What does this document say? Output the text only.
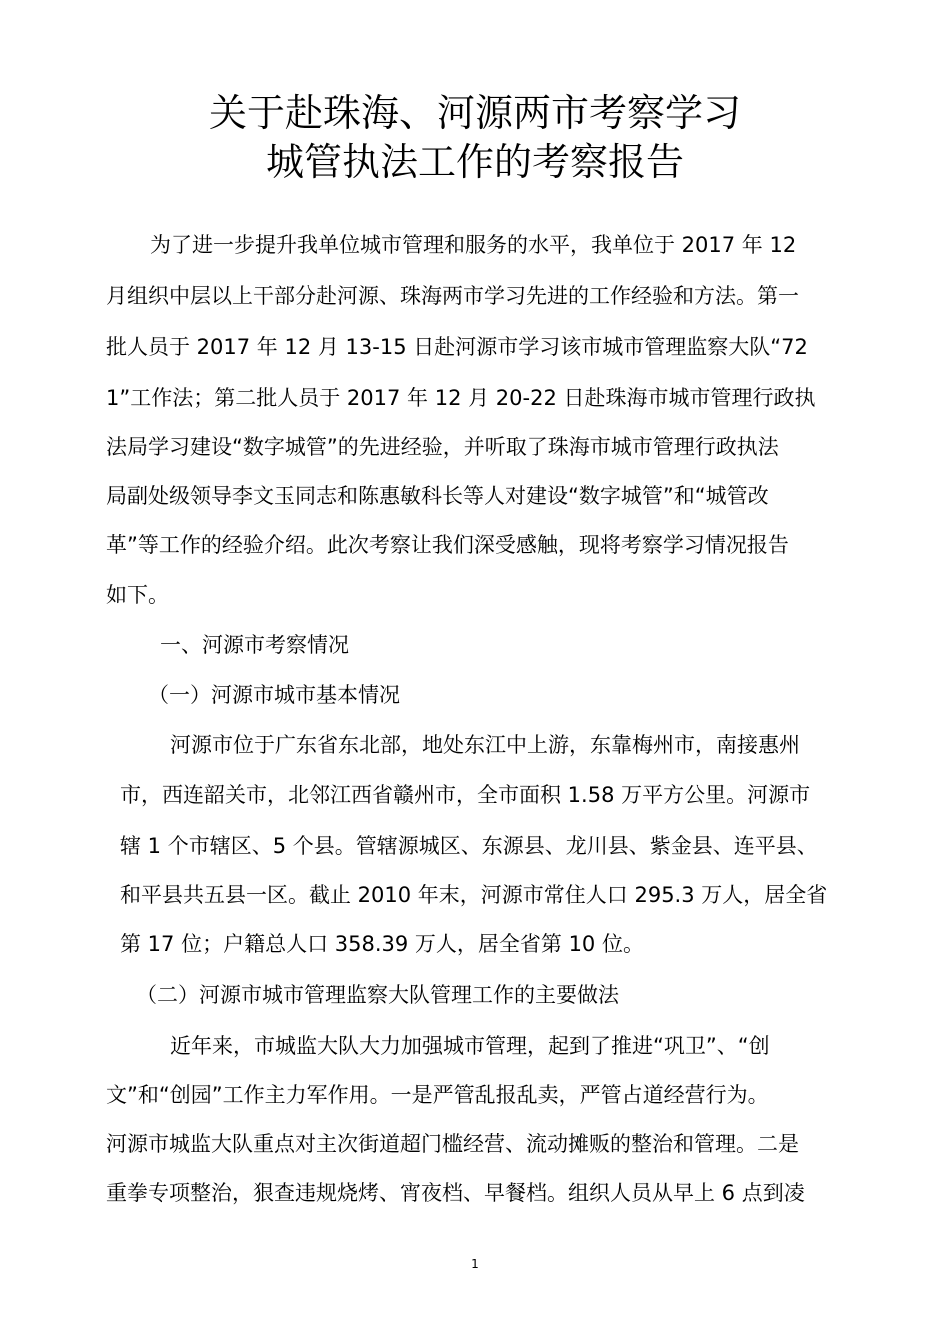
关于赴珠海、河源两市考察学习
城管执法工作的考察报告
为了进一步提升我单位城市管理和服务的水平，我单位于 2017 年 12
月组织中层以上干部分赴河源、珠海两市学习先进的工作经验和方法。第一
批人员于 2017 年 12 月 13-15 日赴河源市学习该市城市管理监察大队“72
1”工作法；第二批人员于 2017 年 12 月 20-22 日赴珠海市城市管理行政执
法局学习建设“数字城管”的先进经验，并听取了珠海市城市管理行政执法
局副处级领导李文玉同志和陈惠敏科长等人对建设“数字城管”和“城管改
革”等工作的经验介绍。此次考察让我们深受感触，现将考察学习情况报告
如下。
一、河源市考察情况
（一）河源市城市基本情况
河源市位于广东省东北部，地处东江中上游，东靠梅州市，南接惠州
市，西连韶关市，北邻江西省赣州市，全市面积 1.58 万平方公里。河源市
辖 1 个市辖区、5 个县。管辖源城区、东源县、龙川县、紫金县、连平县、
和平县共五县一区。截止 2010 年末，河源市常住人口 295.3 万人，居全省
第 17 位；户籍总人口 358.39 万人，居全省第 10 位。
（二）河源市城市管理监察大队管理工作的主要做法
近年来，市城监大队大力加强城市管理，起到了推进“巩卫”、“创
文”和“创园”工作主力军作用。一是严管乱报乱卖，严管占道经营行为。
河源市城监大队重点对主次街道超门槛经营、流动摊贩的整治和管理。二是
重拳专项整治，狠查违规烧烤、宵夜档、早餐档。组织人员从早上 6 点到凌
1
